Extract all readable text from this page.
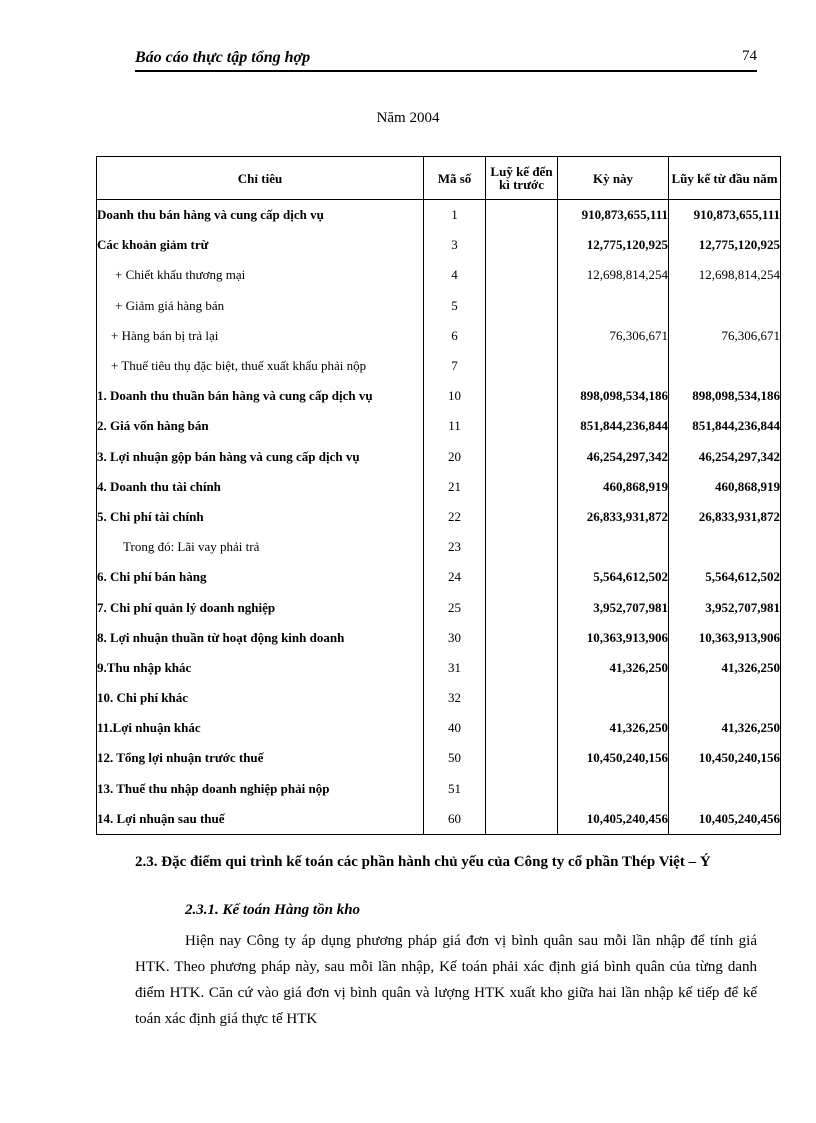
Báo cáo thực tập tổng hợp	74
Năm 2004
Chỉ tiêu	Mã số	Luỹ kế đến kì trước	Kỳ này	Lũy kế từ đầu năm
Doanh thu bán hàng và cung cấp dịch vụ	1		910,873,655,111	910,873,655,111
Các khoản giảm trừ	3		12,775,120,925	12,775,120,925
+ Chiết khấu thương mại	4		12,698,814,254	12,698,814,254
+ Giảm giá hàng bán	5			
+ Hàng bán bị trả lại	6		76,306,671	76,306,671
+ Thuế tiêu thụ đặc biệt, thuế xuất khẩu phải nộp	7			
1. Doanh thu thuần bán hàng và cung cấp dịch vụ	10		898,098,534,186	898,098,534,186
2. Giá vốn hàng bán	11		851,844,236,844	851,844,236,844
3. Lợi nhuận gộp bán hàng và cung cấp dịch vụ	20		46,254,297,342	46,254,297,342
4. Doanh thu tài chính	21		460,868,919	460,868,919
5. Chi phí tài chính	22		26,833,931,872	26,833,931,872
Trong đó: Lãi vay phải trả	23			
6. Chi phí bán hàng	24		5,564,612,502	5,564,612,502
7. Chi phí quản lý doanh nghiệp	25		3,952,707,981	3,952,707,981
8. Lợi nhuận thuần từ hoạt động kinh doanh	30		10,363,913,906	10,363,913,906
9.Thu nhập khác	31		41,326,250	41,326,250
10. Chi phí khác	32			
11.Lợi nhuận khác	40		41,326,250	41,326,250
12. Tổng lợi nhuận trước thuế	50		10,450,240,156	10,450,240,156
13. Thuế thu nhập doanh nghiệp phải nộp	51			
14. Lợi nhuận sau thuế	60		10,405,240,456	10,405,240,456
2.3. Đặc điểm qui trình kế toán các phần hành chủ yếu của Công ty cổ phần Thép Việt – Ý
2.3.1. Kế toán Hàng tồn kho
Hiện nay Công ty áp dụng phương pháp giá đơn vị bình quân sau mỗi lần nhập để tính giá HTK. Theo phương pháp này, sau mỗi lần nhập, Kế toán phải xác định giá bình quân của từng danh điểm HTK. Căn cứ vào giá đơn vị bình quân và lượng HTK xuất kho giữa hai lần nhập kế tiếp để kế toán xác định giá thực tế HTK
